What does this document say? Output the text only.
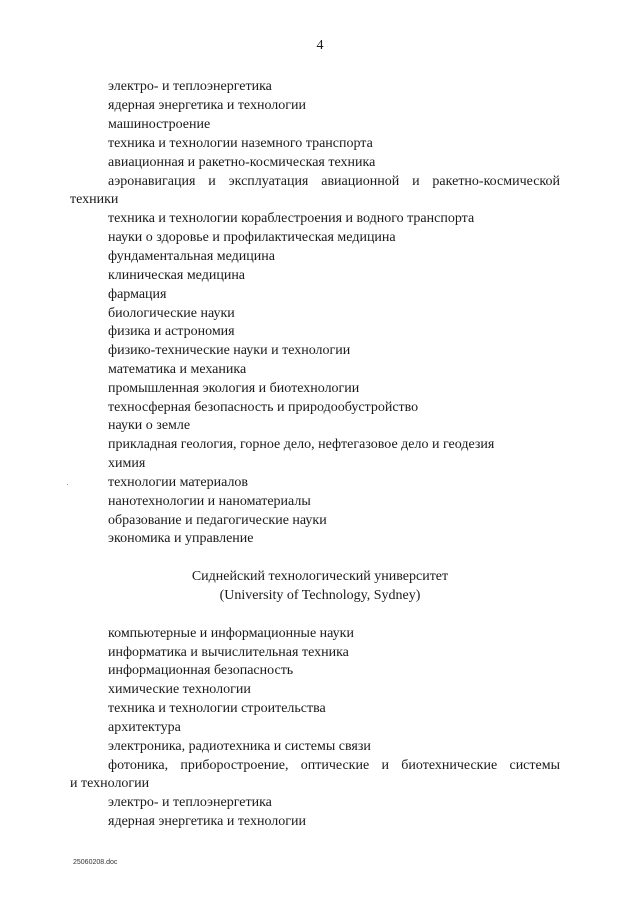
4
электро- и теплоэнергетика
ядерная энергетика и технологии
машиностроение
техника и технологии наземного транспорта
авиационная и ракетно-космическая техника
аэронавигация и эксплуатация авиационной и ракетно-космической
техники
техника и технологии кораблестроения и водного транспорта
науки о здоровье и профилактическая медицина
фундаментальная медицина
клиническая медицина
фармация
биологические науки
физика и астрономия
физико-технические науки и технологии
математика и механика
промышленная экология и биотехнологии
техносферная безопасность и природообустройство
науки о земле
прикладная геология, горное дело, нефтегазовое дело и геодезия
химия
технологии материалов
нанотехнологии и наноматериалы
образование и педагогические науки
экономика и управление
Сиднейский технологический университет
(University of Technology, Sydney)
компьютерные и информационные науки
информатика и вычислительная техника
информационная безопасность
химические технологии
техника и технологии строительства
архитектура
электроника, радиотехника и системы связи
фотоника, приборостроение, оптические и биотехнические системы
и технологии
электро- и теплоэнергетика
ядерная энергетика и технологии
25060208.doc
